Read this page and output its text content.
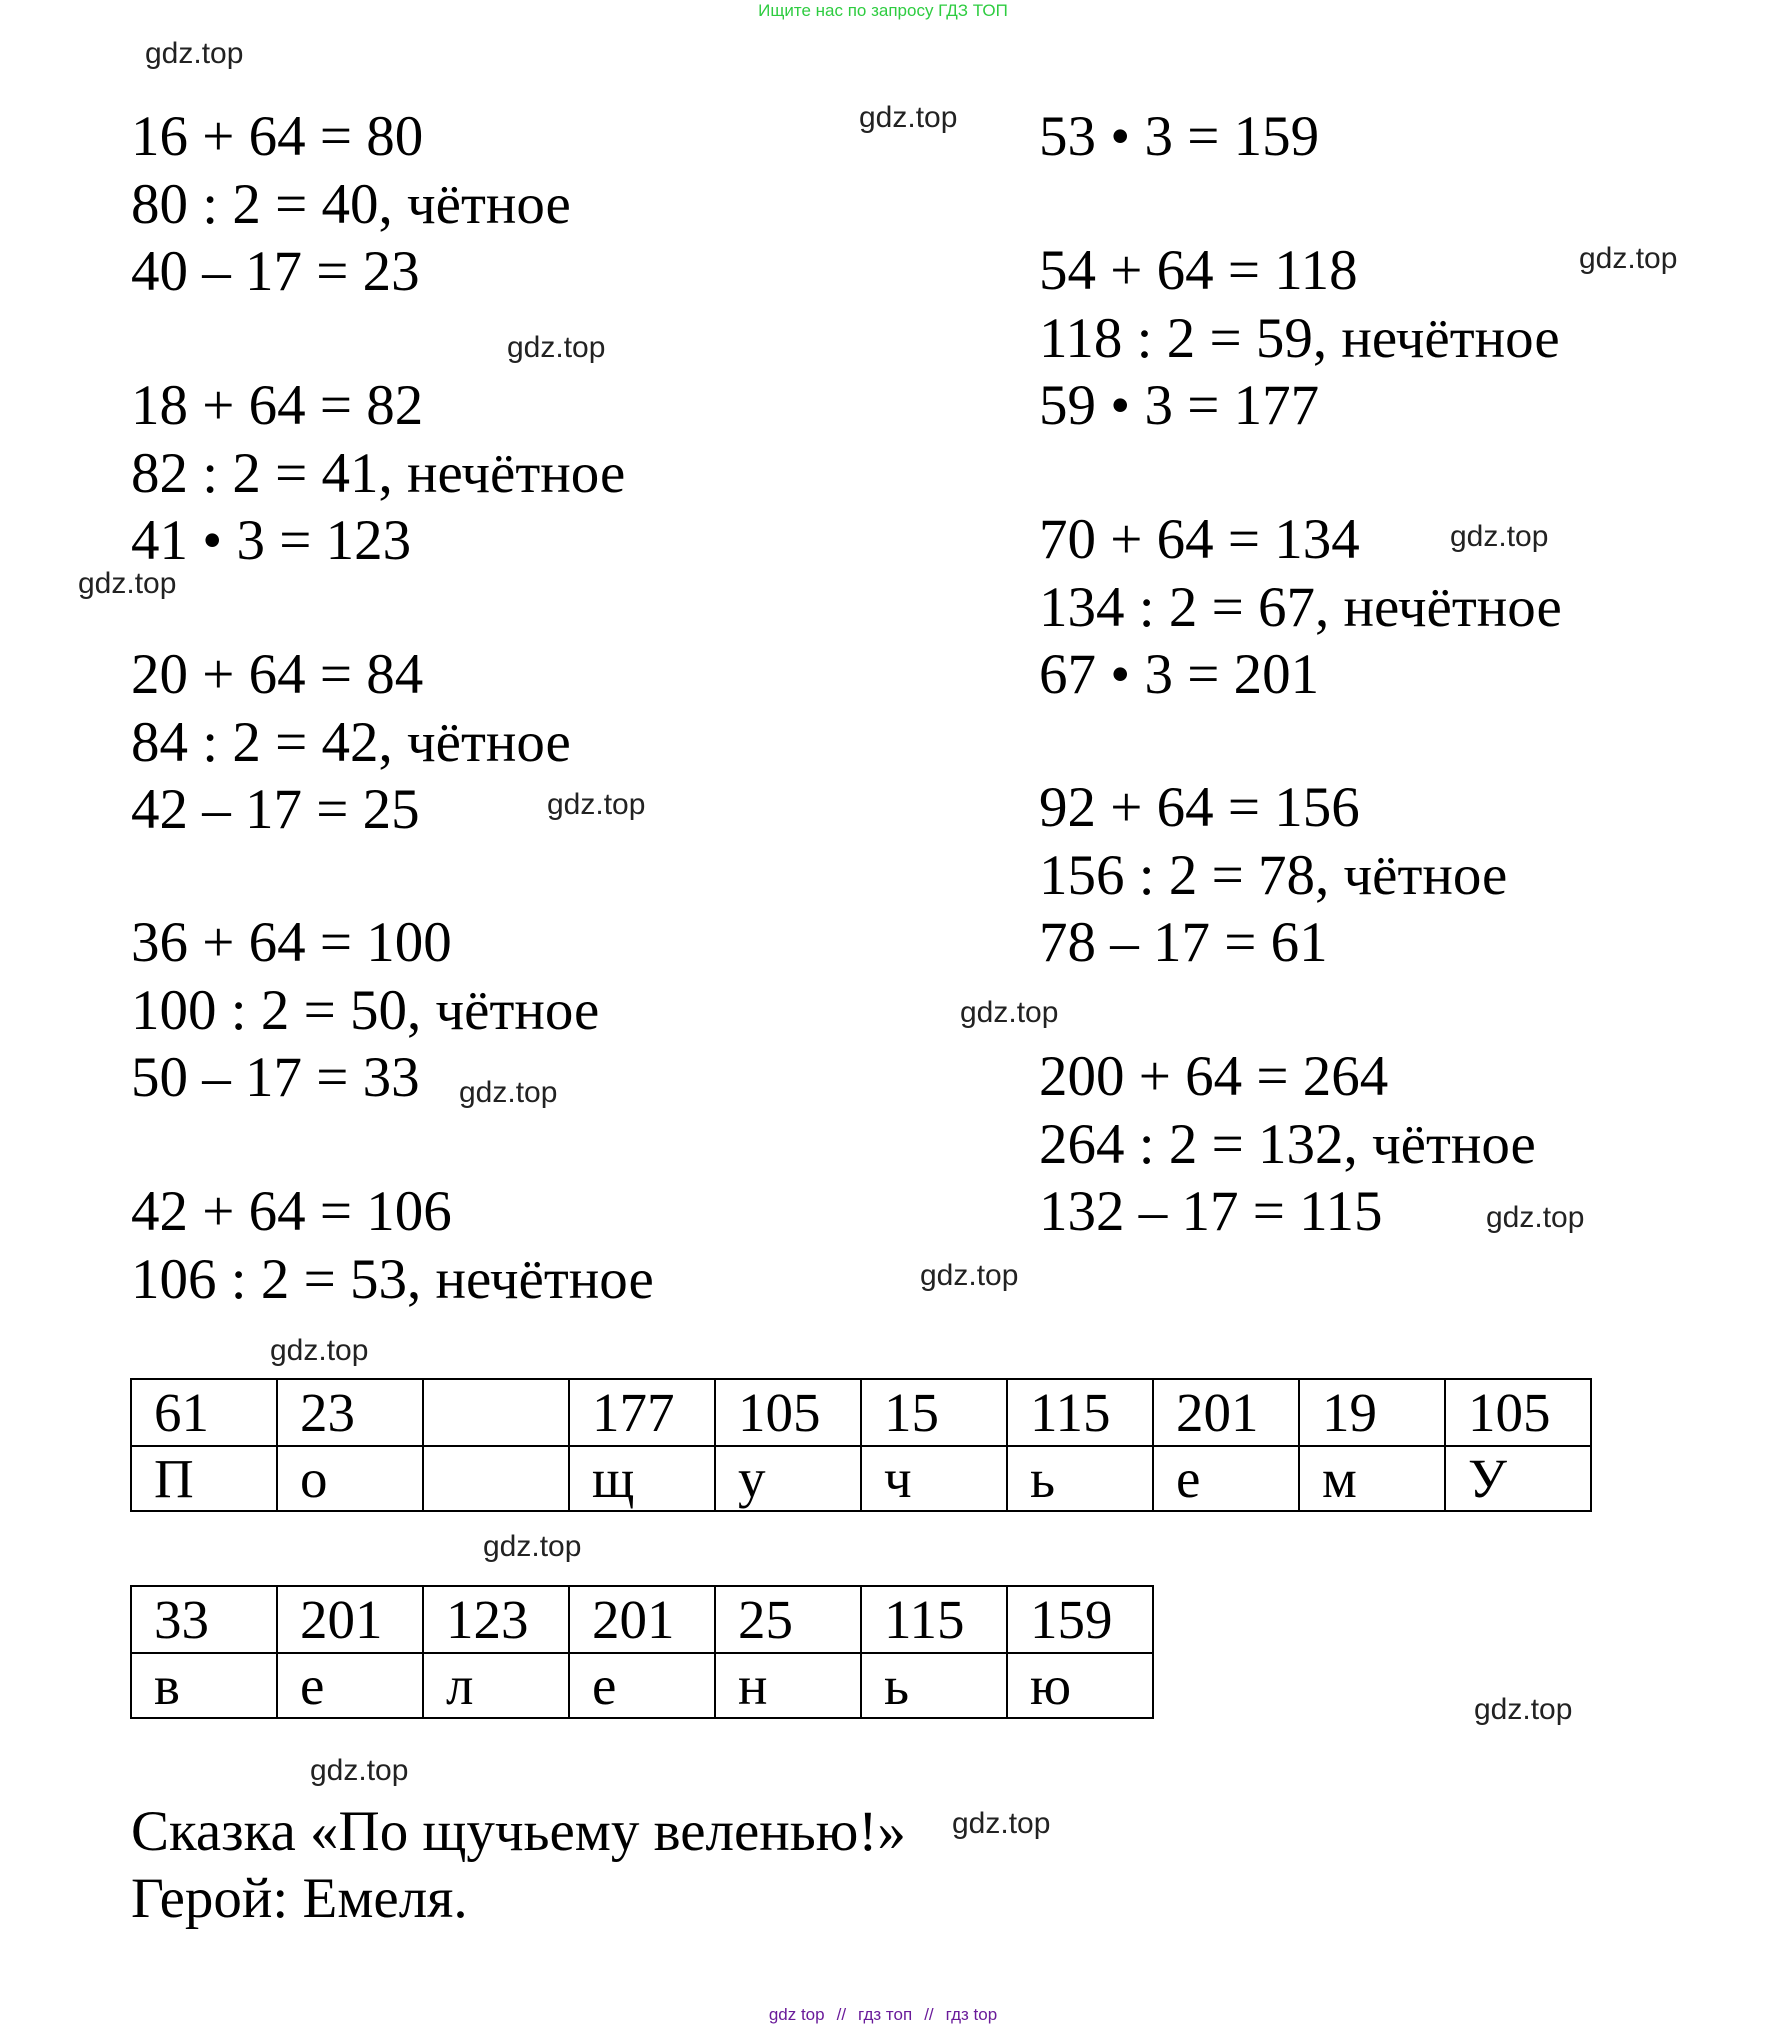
Ищите нас по запросу ГДЗ ТОП
gdz.top
gdz.top
gdz.top
gdz.top
gdz.top
gdz.top
gdz.top
gdz.top
gdz.top
gdz.top
gdz.top
gdz.top
gdz.top
gdz.top
gdz.top
gdz.top
16 + 64 = 80
80 : 2 = 40, чётное
40 – 17 = 23
18 + 64 = 82
82 : 2 = 41, нечётное
41 • 3 = 123
20 + 64 = 84
84 : 2 = 42, чётное
42 – 17 = 25
36 + 64 = 100
100 : 2 = 50, чётное
50 – 17 = 33
42 + 64 = 106
106 : 2 = 53, нечётное
53 • 3 = 159
54 + 64 = 118
118 : 2 = 59, нечётное
59 • 3 = 177
70 + 64 = 134
134 : 2 = 67, нечётное
67 • 3 = 201
92 + 64 = 156
156 : 2 = 78, чётное
78 – 17 = 61
200 + 64 = 264
264 : 2 = 132, чётное
132 – 17 = 115
61	23		177	105	15	115	201	19	105
П	о		щ	у	ч	ь	е	м	У
33	201	123	201	25	115	159
в	е	л	е	н	ь	ю
Сказка «По щучьему веленью!»
Герой: Емеля.
gdz top // гдз топ // гдз top
